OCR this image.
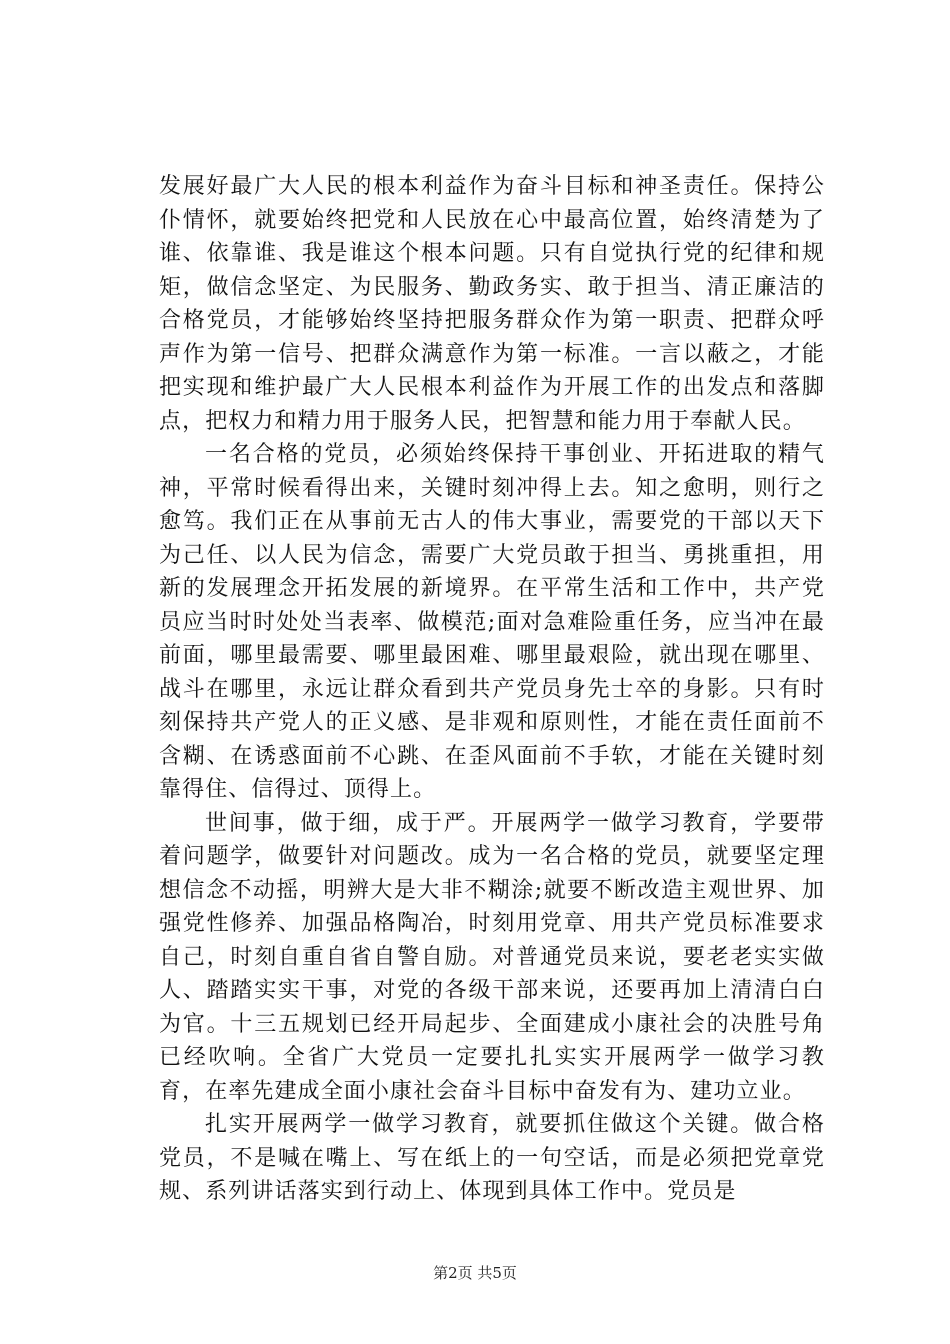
发展好最广大人民的根本利益作为奋斗目标和神圣责任。保持公仆情怀，就要始终把党和人民放在心中最高位置，始终清楚为了谁、依靠谁、我是谁这个根本问题。只有自觉执行党的纪律和规矩，做信念坚定、为民服务、勤政务实、敢于担当、清正廉洁的合格党员，才能够始终坚持把服务群众作为第一职责、把群众呼声作为第一信号、把群众满意作为第一标准。一言以蔽之，才能把实现和维护最广大人民根本利益作为开展工作的出发点和落脚点，把权力和精力用于服务人民，把智慧和能力用于奉献人民。

一名合格的党员，必须始终保持干事创业、开拓进取的精气神，平常时候看得出来，关键时刻冲得上去。知之愈明，则行之愈笃。我们正在从事前无古人的伟大事业，需要党的干部以天下为己任、以人民为信念，需要广大党员敢于担当、勇挑重担，用新的发展理念开拓发展的新境界。在平常生活和工作中，共产党员应当时时处处当表率、做模范;面对急难险重任务，应当冲在最前面，哪里最需要、哪里最困难、哪里最艰险，就出现在哪里、战斗在哪里，永远让群众看到共产党员身先士卒的身影。只有时刻保持共产党人的正义感、是非观和原则性，才能在责任面前不含糊、在诱惑面前不心跳、在歪风面前不手软，才能在关键时刻靠得住、信得过、顶得上。

世间事，做于细，成于严。开展两学一做学习教育，学要带着问题学，做要针对问题改。成为一名合格的党员，就要坚定理想信念不动摇，明辨大是大非不糊涂;就要不断改造主观世界、加强党性修养、加强品格陶冶，时刻用党章、用共产党员标准要求自己，时刻自重自省自警自励。对普通党员来说，要老老实实做人、踏踏实实干事，对党的各级干部来说，还要再加上清清白白为官。十三五规划已经开局起步、全面建成小康社会的决胜号角已经吹响。全省广大党员一定要扎扎实实开展两学一做学习教育，在率先建成全面小康社会奋斗目标中奋发有为、建功立业。

扎实开展两学一做学习教育，就要抓住做这个关键。做合格党员，不是喊在嘴上、写在纸上的一句空话，而是必须把党章党规、系列讲话落实到行动上、体现到具体工作中。党员是

第2页 共5页
